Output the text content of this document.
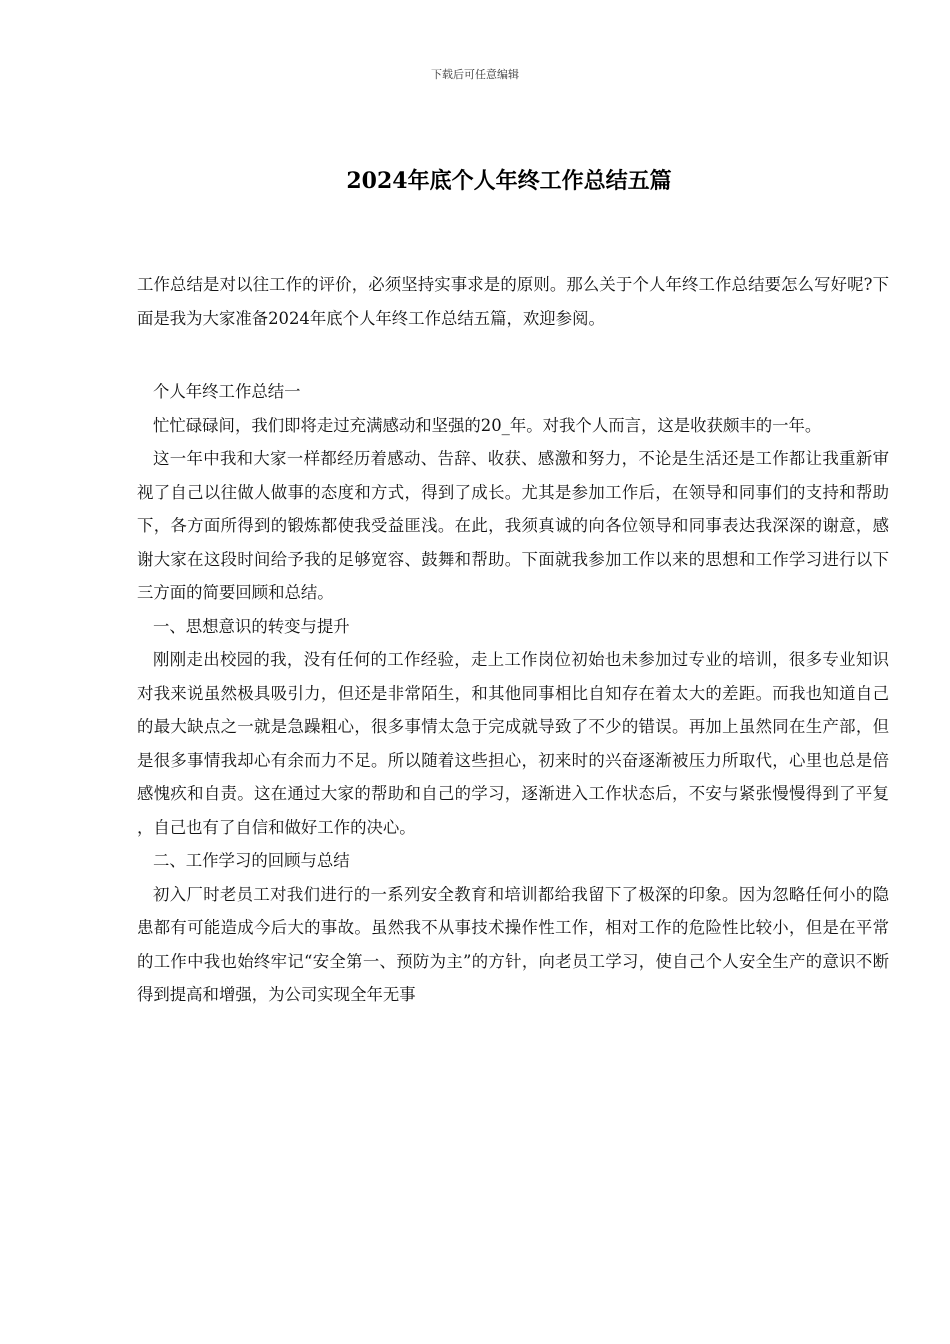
下载后可任意编辑
2024年底个人年终工作总结五篇

工作总结是对以往工作的评价，必须坚持实事求是的原则。那么关于个人年终工作总结要怎么写好呢?下面是我为大家准备2024年底个人年终工作总结五篇，欢迎参阅。

个人年终工作总结一

忙忙碌碌间，我们即将走过充满感动和坚强的20_年。对我个人而言，这是收获颇丰的一年。

这一年中我和大家一样都经历着感动、告辞、收获、感激和努力，不论是生活还是工作都让我重新审视了自己以往做人做事的态度和方式，得到了成长。尤其是参加工作后，在领导和同事们的支持和帮助下，各方面所得到的锻炼都使我受益匪浅。在此，我须真诚的向各位领导和同事表达我深深的谢意，感谢大家在这段时间给予我的足够宽容、鼓舞和帮助。下面就我参加工作以来的思想和工作学习进行以下三方面的简要回顾和总结。

一、思想意识的转变与提升

刚刚走出校园的我，没有任何的工作经验，走上工作岗位初始也未参加过专业的培训，很多专业知识对我来说虽然极具吸引力，但还是非常陌生，和其他同事相比自知存在着太大的差距。而我也知道自己的最大缺点之一就是急躁粗心，很多事情太急于完成就导致了不少的错误。再加上虽然同在生产部，但是很多事情我却心有余而力不足。所以随着这些担心，初来时的兴奋逐渐被压力所取代，心里也总是倍感愧疚和自责。这在通过大家的帮助和自己的学习，逐渐进入工作状态后，不安与紧张慢慢得到了平复，自己也有了自信和做好工作的决心。

二、工作学习的回顾与总结

初入厂时老员工对我们进行的一系列安全教育和培训都给我留下了极深的印象。因为忽略任何小的隐患都有可能造成今后大的事故。虽然我不从事技术操作性工作，相对工作的危险性比较小，但是在平常的工作中我也始终牢记“安全第一、预防为主”的方针，向老员工学习，使自己个人安全生产的意识不断得到提高和增强，为公司实现全年无事
